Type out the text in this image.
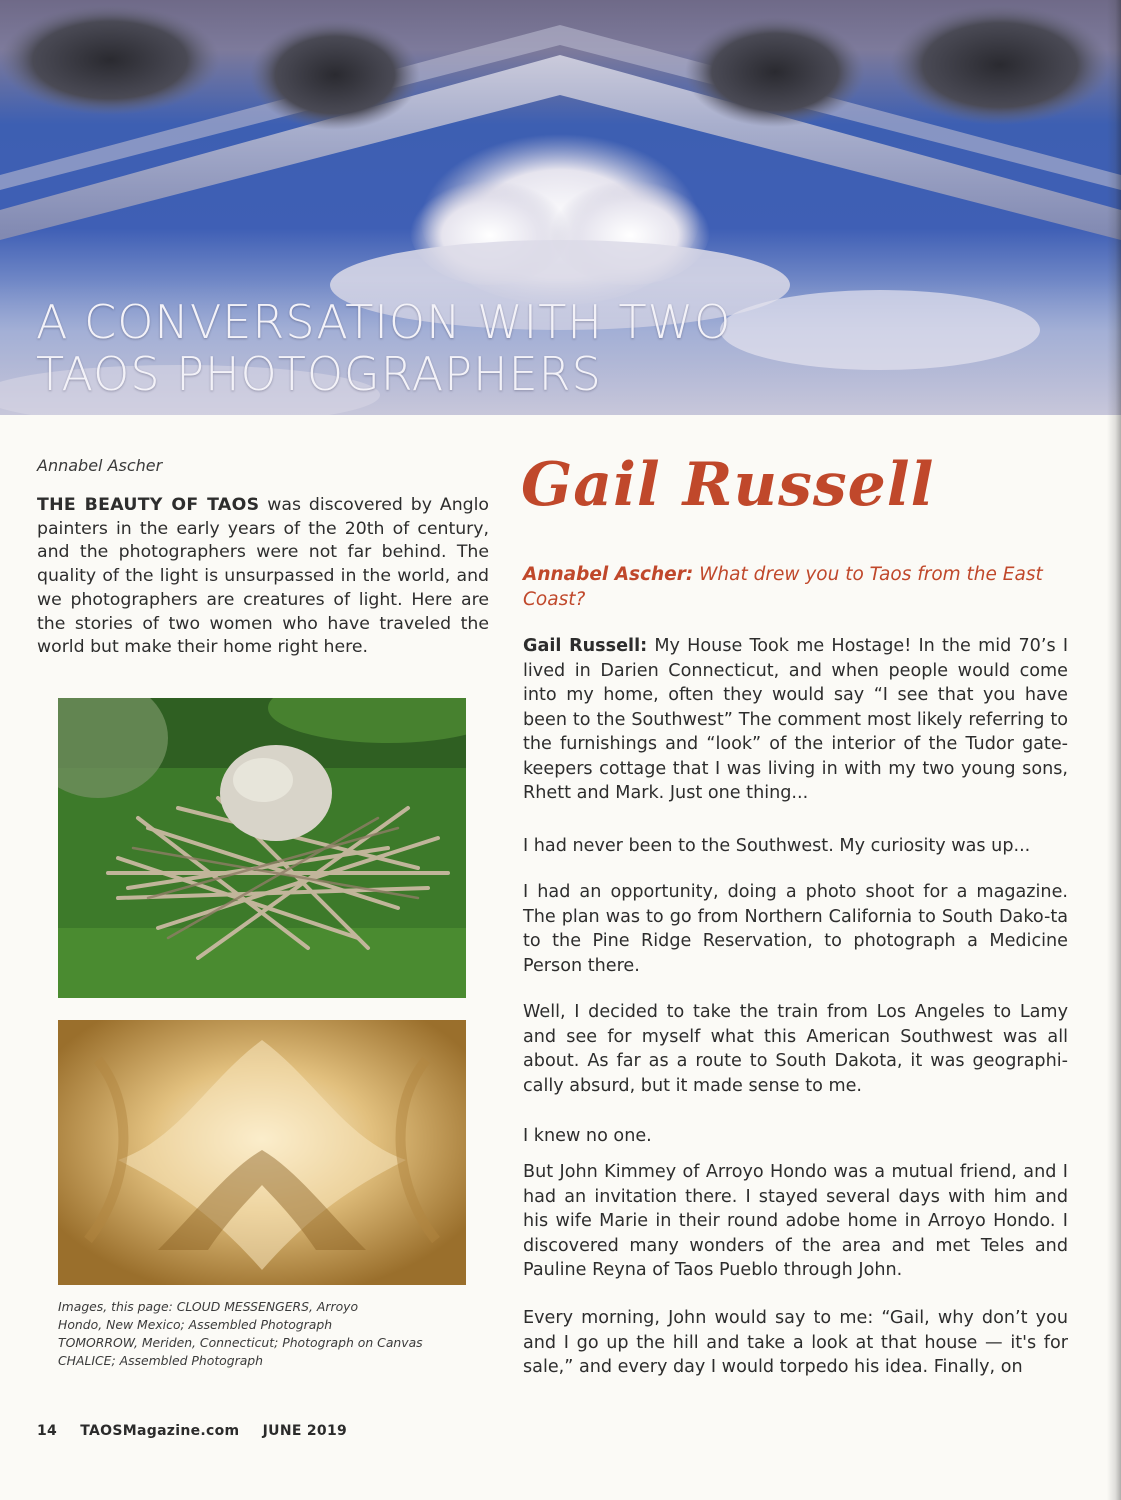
A CONVERSATION WITH TWO
TAOS PHOTOGRAPHERS

Annabel Ascher

THE BEAUTY OF TAOS was discovered by Anglo painters in the early years of the 20th of century, and the photographers were not far behind. The quality of the light is unsurpassed in the world, and we photographers are creatures of light. Here are the stories of two women who have traveled the world but make their home right here.

Images, this page: CLOUD MESSENGERS, Arroyo
Hondo, New Mexico; Assembled Photograph
TOMORROW, Meriden, Connecticut; Photograph on Canvas
CHALICE; Assembled Photograph

Gail Russell

Annabel Ascher: What drew you to Taos from the East Coast?

Gail Russell: My House Took me Hostage! In the mid 70’s I lived in Darien Connecticut, and when people would come into my home, often they would say “I see that you have been to the Southwest” The comment most likely referring to the furnishings and “look” of the interior of the Tudor gate-keepers cottage that I was living in with my two young sons, Rhett and Mark. Just one thing...

I had never been to the Southwest. My curiosity was up...

I had an opportunity, doing a photo shoot for a magazine. The plan was to go from Northern California to South Dako-ta to the Pine Ridge Reservation, to photograph a Medicine Person there.

Well, I decided to take the train from Los Angeles to Lamy and see for myself what this American Southwest was all about. As far as a route to South Dakota, it was geographi-cally absurd, but it made sense to me.

I knew no one.

But John Kimmey of Arroyo Hondo was a mutual friend, and I had an invitation there. I stayed several days with him and his wife Marie in their round adobe home in Arroyo Hondo. I discovered many wonders of the area and met Teles and Pauline Reyna of Taos Pueblo through John.

Every morning, John would say to me: “Gail, why don’t you and I go up the hill and take a look at that house — it's for sale,” and every day I would torpedo his idea. Finally, on

14 TAOSMagazine.com JUNE 2019
